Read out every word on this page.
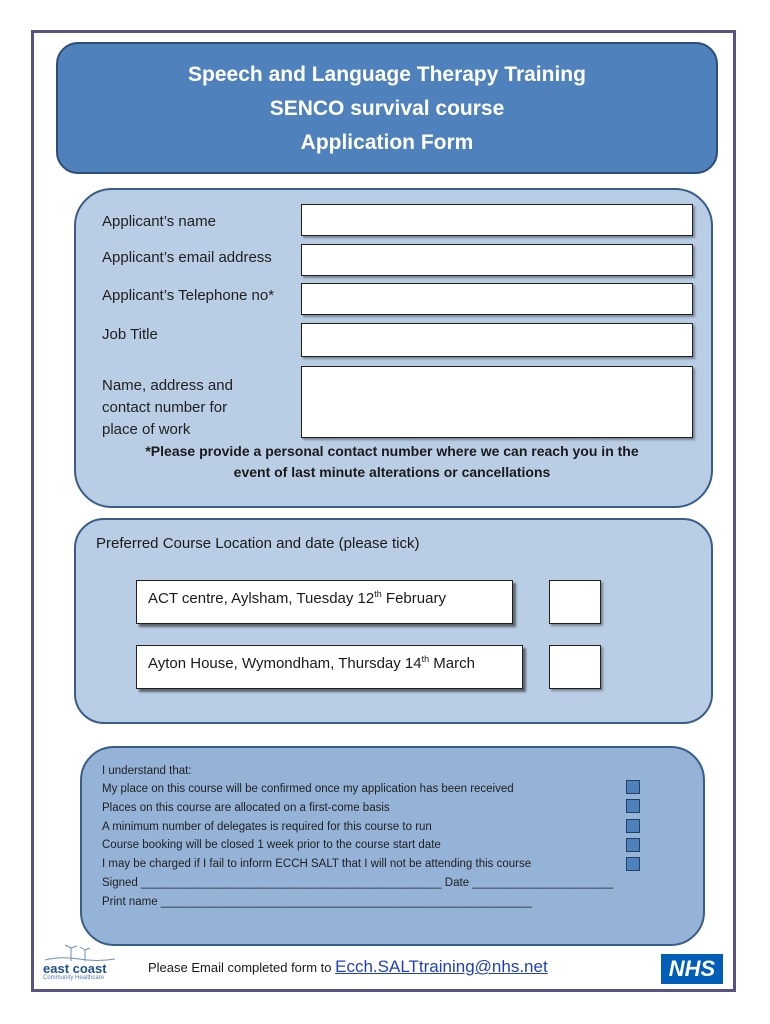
Speech and Language Therapy Training
SENCO survival course
Application Form
Applicant’s name
Applicant’s email address
Applicant’s Telephone no*
Job Title
Name, address and
contact number for
place of work
*Please provide a personal contact number where we can reach you in the
event of last minute alterations or cancellations
Preferred Course Location and date (please tick)
ACT centre, Aylsham, Tuesday 12th February
Ayton House, Wymondham, Thursday 14th March
I understand that:
My place on this course will be confirmed once my application has been received
Places on this course are allocated on a first-come basis
A minimum number of delegates is required for this course to run
Course booking will be closed 1 week prior to the course start date
I may be charged if I fail to inform ECCH SALT that I will not be attending this course
Signed _______________________________________________ Date ______________________
Print name __________________________________________________________
east coast
Community Healthcare
Please Email completed form to Ecch.SALTtraining@nhs.net	NHS
